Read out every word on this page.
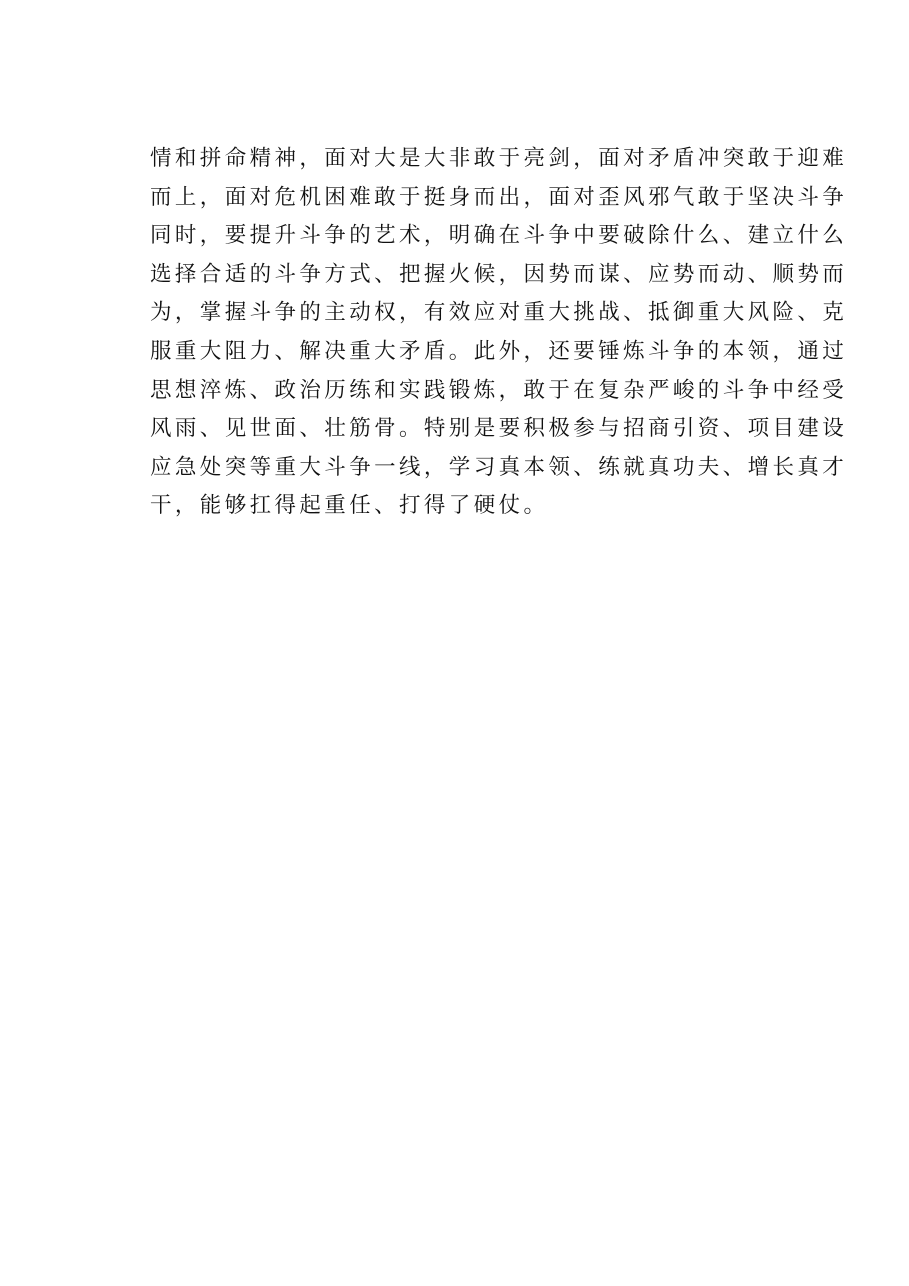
情和拼命精神，面对大是大非敢于亮剑，面对矛盾冲突敢于迎难
而上，面对危机困难敢于挺身而出，面对歪风邪气敢于坚决斗争
同时，要提升斗争的艺术，明确在斗争中要破除什么、建立什么
选择合适的斗争方式、把握火候，因势而谋、应势而动、顺势而
为，掌握斗争的主动权，有效应对重大挑战、抵御重大风险、克
服重大阻力、解决重大矛盾。此外，还要锤炼斗争的本领，通过
思想淬炼、政治历练和实践锻炼，敢于在复杂严峻的斗争中经受
风雨、见世面、壮筋骨。特别是要积极参与招商引资、项目建设
应急处突等重大斗争一线，学习真本领、练就真功夫、增长真才
干，能够扛得起重任、打得了硬仗。
